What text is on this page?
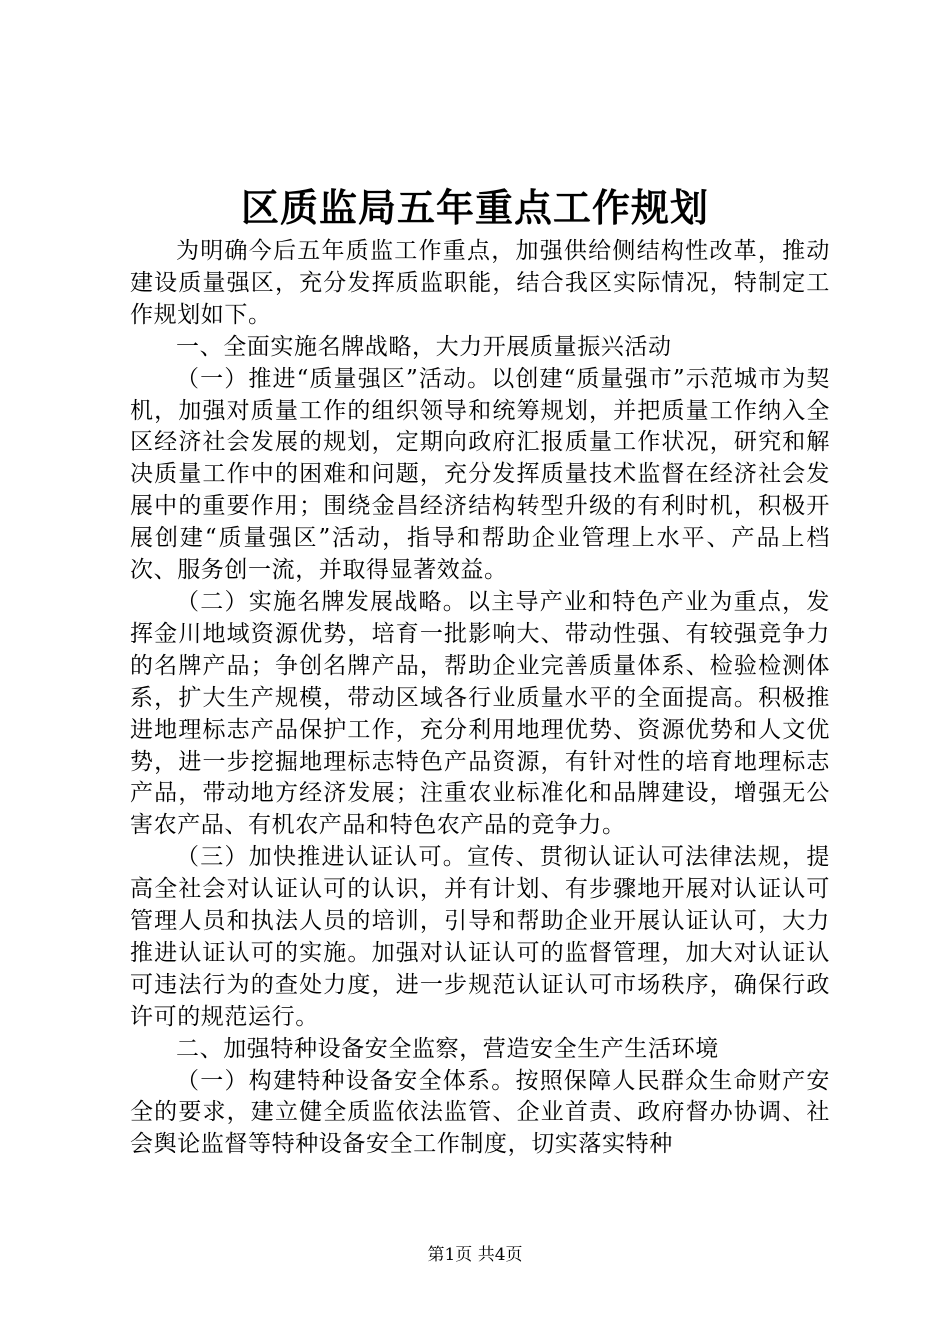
区质监局五年重点工作规划

为明确今后五年质监工作重点，加强供给侧结构性改革，推动建设质量强区，充分发挥质监职能，结合我区实际情况，特制定工作规划如下。

一、全面实施名牌战略，大力开展质量振兴活动

（一）推进“质量强区”活动。以创建“质量强市”示范城市为契机，加强对质量工作的组织领导和统筹规划，并把质量工作纳入全区经济社会发展的规划，定期向政府汇报质量工作状况，研究和解决质量工作中的困难和问题，充分发挥质量技术监督在经济社会发展中的重要作用；围绕金昌经济结构转型升级的有利时机，积极开展创建“质量强区”活动，指导和帮助企业管理上水平、产品上档次、服务创一流，并取得显著效益。

（二）实施名牌发展战略。以主导产业和特色产业为重点，发挥金川地域资源优势，培育一批影响大、带动性强、有较强竞争力的名牌产品；争创名牌产品，帮助企业完善质量体系、检验检测体系，扩大生产规模，带动区域各行业质量水平的全面提高。积极推进地理标志产品保护工作，充分利用地理优势、资源优势和人文优势，进一步挖掘地理标志特色产品资源，有针对性的培育地理标志产品，带动地方经济发展；注重农业标准化和品牌建设，增强无公害农产品、有机农产品和特色农产品的竞争力。

（三）加快推进认证认可。宣传、贯彻认证认可法律法规，提高全社会对认证认可的认识，并有计划、有步骤地开展对认证认可管理人员和执法人员的培训，引导和帮助企业开展认证认可，大力推进认证认可的实施。加强对认证认可的监督管理，加大对认证认可违法行为的查处力度，进一步规范认证认可市场秩序，确保行政许可的规范运行。

二、加强特种设备安全监察，营造安全生产生活环境

（一）构建特种设备安全体系。按照保障人民群众生命财产安全的要求，建立健全质监依法监管、企业首责、政府督办协调、社会舆论监督等特种设备安全工作制度，切实落实特种

第1页 共4页
